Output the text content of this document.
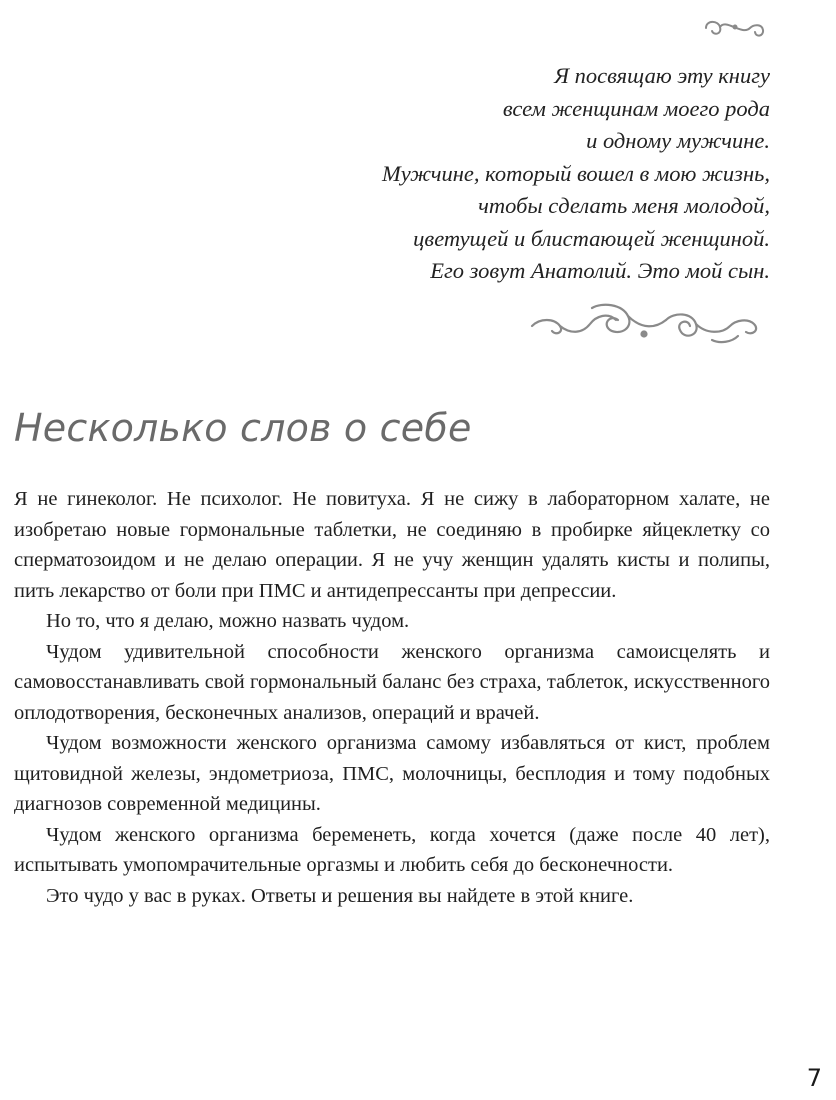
Я посвящаю эту книгу
всем женщинам моего рода
и одному мужчине.
Мужчине, который вошел в мою жизнь,
чтобы сделать меня молодой,
цветущей и блистающей женщиной.
Его зовут Анатолий. Это мой сын.
Несколько слов о себе

Я не гинеколог. Не психолог. Не повитуха. Я не сижу в лабораторном халате, не изобретаю новые гормональные таблетки, не соединяю в пробирке яйцеклетку со сперматозоидом и не делаю операции. Я не учу женщин удалять кисты и полипы, пить лекарство от боли при ПМС и антидепрессанты при депрессии.

Но то, что я делаю, можно назвать чудом.

Чудом удивительной способности женского организма самоисцелять и самовосстанавливать свой гормональный баланс без страха, таблеток, искусственного оплодотворения, бесконечных анализов, операций и врачей.

Чудом возможности женского организма самому избавляться от кист, проблем щитовидной железы, эндометриоза, ПМС, молочницы, бесплодия и тому подобных диагнозов современной медицины.

Чудом женского организма беременеть, когда хочется (даже после 40 лет), испытывать умопомрачительные оргазмы и любить себя до бесконечности.

Это чудо у вас в руках. Ответы и решения вы найдете в этой книге.

7
